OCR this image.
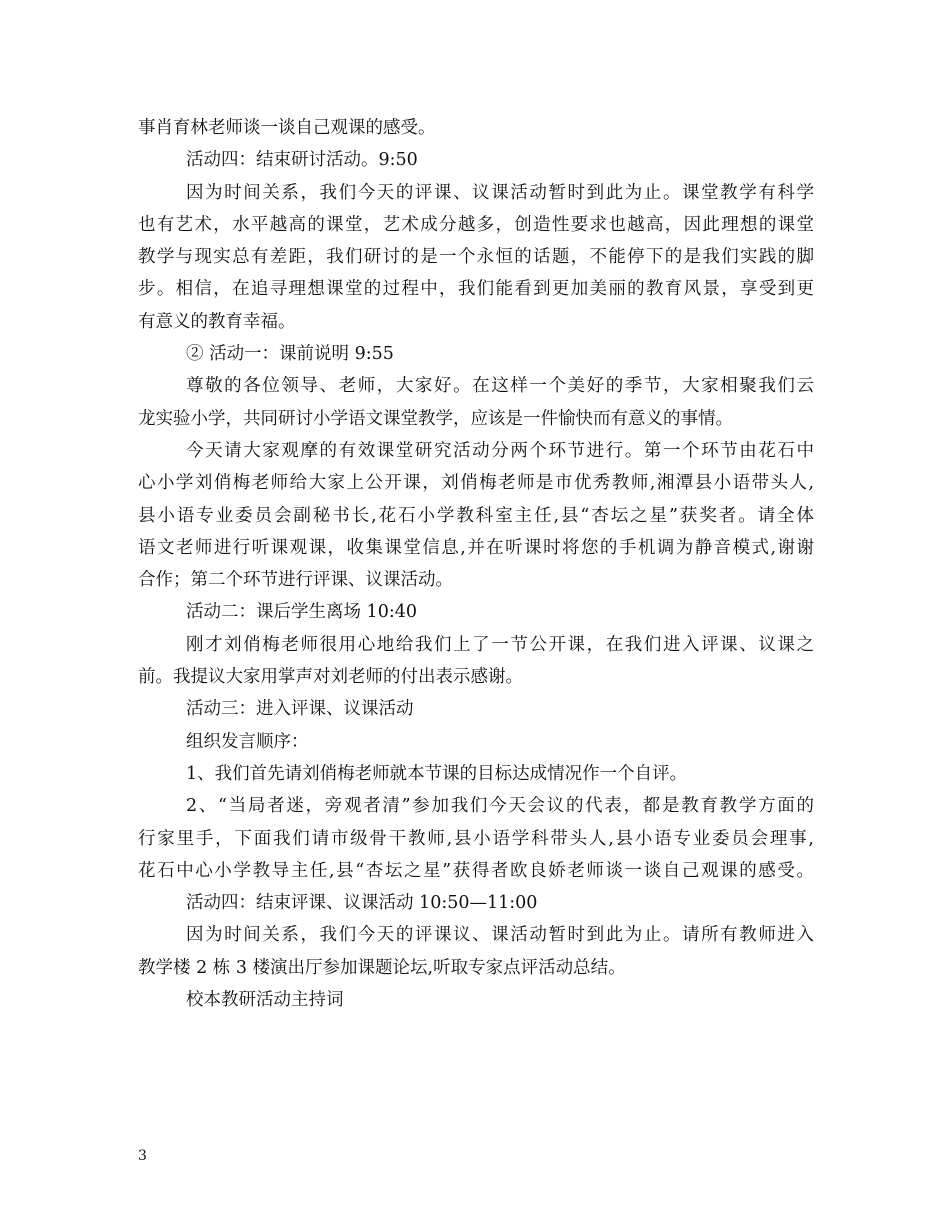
事肖育林老师谈一谈自己观课的感受。
活动四：结束研讨活动。9:50
因为时间关系，我们今天的评课、议课活动暂时到此为止。课堂教学有科学
也有艺术，水平越高的课堂，艺术成分越多，创造性要求也越高，因此理想的课堂
教学与现实总有差距，我们研讨的是一个永恒的话题，不能停下的是我们实践的脚
步。相信，在追寻理想课堂的过程中，我们能看到更加美丽的教育风景，享受到更
有意义的教育幸福。
② 活动一：课前说明 9:55
尊敬的各位领导、老师，大家好。在这样一个美好的季节，大家相聚我们云
龙实验小学，共同研讨小学语文课堂教学，应该是一件愉快而有意义的事情。
今天请大家观摩的有效课堂研究活动分两个环节进行。第一个环节由花石中
心小学刘俏梅老师给大家上公开课，刘俏梅老师是市优秀教师,湘潭县小语带头人,
县小语专业委员会副秘书长,花石小学教科室主任,县“杏坛之星”获奖者。请全体
语文老师进行听课观课，收集课堂信息,并在听课时将您的手机调为静音模式,谢谢
合作；第二个环节进行评课、议课活动。
活动二：课后学生离场 10:40
刚才刘俏梅老师很用心地给我们上了一节公开课，在我们进入评课、议课之
前。我提议大家用掌声对刘老师的付出表示感谢。
活动三：进入评课、议课活动
组织发言顺序：
1、我们首先请刘俏梅老师就本节课的目标达成情况作一个自评。
2、“当局者迷，旁观者清”参加我们今天会议的代表，都是教育教学方面的
行家里手，下面我们请市级骨干教师,县小语学科带头人,县小语专业委员会理事,
花石中心小学教导主任,县“杏坛之星”获得者欧良娇老师谈一谈自己观课的感受。
活动四：结束评课、议课活动 10:50—11:00
因为时间关系，我们今天的评课议、课活动暂时到此为止。请所有教师进入
教学楼 2 栋 3 楼演出厅参加课题论坛,听取专家点评活动总结。
校本教研活动主持词
3
